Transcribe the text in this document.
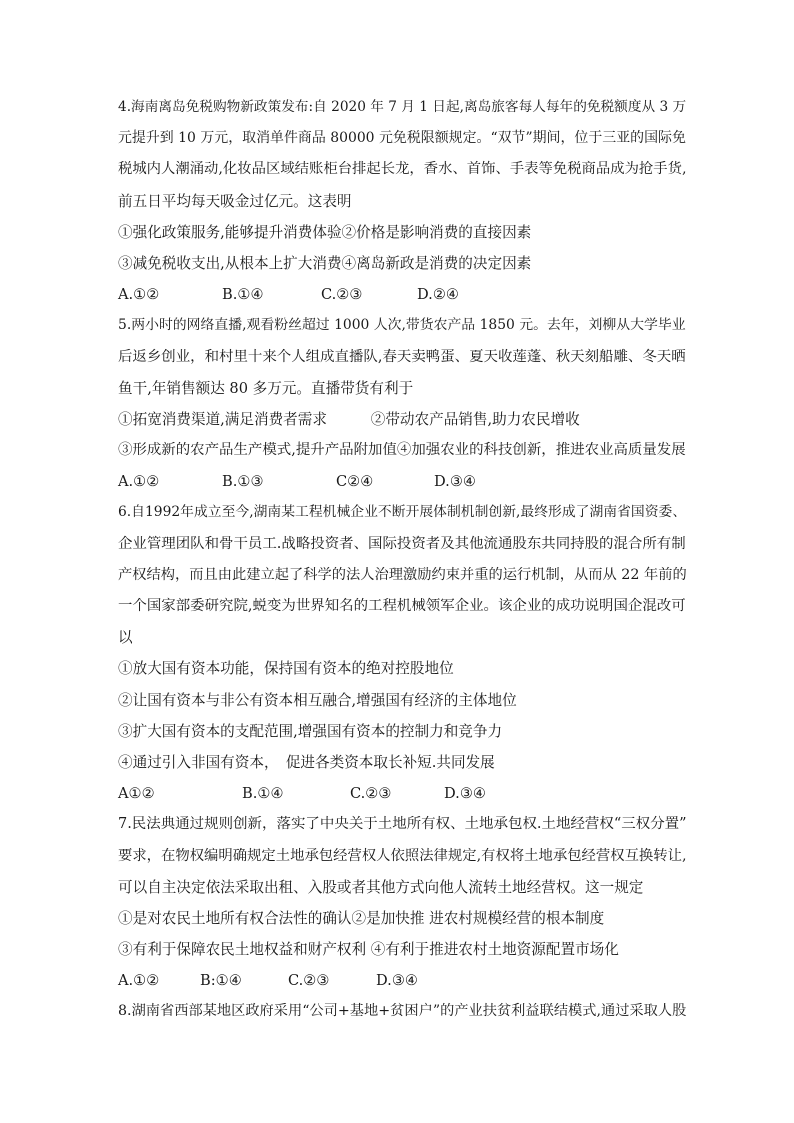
4.海南离岛免税购物新政策发布:自 2020 年 7 月 1 日起,离岛旅客每人每年的免税额度从 3 万
元提升到 10 万元，取消单件商品 80000 元免税限额规定。“双节”期间，位于三亚的国际免
税城内人潮涌动,化妆品区域结账柜台排起长龙，香水、首饰、手表等免税商品成为抢手货,
前五日平均每天吸金过亿元。这表明
①强化政策服务,能够提升消费体验②价格是影响消费的直接因素
③减免税收支出,从根本上扩大消费④离岛新政是消费的决定因素
A.①②	B.①④	C.②③	D.②④
5.两小时的网络直播,观看粉丝超过 1000 人次,带货农产品 1850 元。去年，刘柳从大学毕业
后返乡创业，和村里十来个人组成直播队,春天卖鸭蛋、夏天收莲蓬、秋天刻船雕、冬天晒
鱼干,年销售额达 80 多万元。直播带货有利于
①拓宽消费渠道,满足消费者需求　　　②带动农产品销售,助力农民增收
③形成新的农产品生产模式,提升产品附加值④加强农业的科技创新，推进农业高质量发展
A.①②	B.①③	C②④	D.③④
6.自1992年成立至今,湖南某工程机械企业不断开展体制机制创新,最终形成了湖南省国资委、
企业管理团队和骨干员工.战略投资者、国际投资者及其他流通股东共同持股的混合所有制
产权结构，而且由此建立起了科学的法人治理激励约束并重的运行机制，从而从 22 年前的
一个国家部委研究院,蜕变为世界知名的工程机械领军企业。该企业的成功说明国企混改可
以
①放大国有资本功能，保持国有资本的绝对控股地位
②让国有资本与非公有资本相互融合,增强国有经济的主体地位
③扩大国有资本的支配范围,增强国有资本的控制力和竞争力
④通过引入非国有资本，　促进各类资本取长补短.共同发展
A①②	B.①④	C.②③	D.③④
7.民法典通过规则创新，落实了中央关于土地所有权、土地承包权.土地经营权“三权分置”
要求，在物权编明确规定土地承包经营权人依照法律规定,有权将土地承包经营权互换转让,
可以自主决定依法采取出租、入股或者其他方式向他人流转土地经营权。这一规定
①是对农民土地所有权合法性的确认②是加快推 进农村规模经营的根本制度
③有利于保障农民土地权益和财产权利 ④有利于推进农村土地资源配置市场化
A.①②	B:①④	C.②③	D.③④
8.湖南省西部某地区政府采用“公司+基地+贫困户”的产业扶贫利益联结模式,通过采取人股
